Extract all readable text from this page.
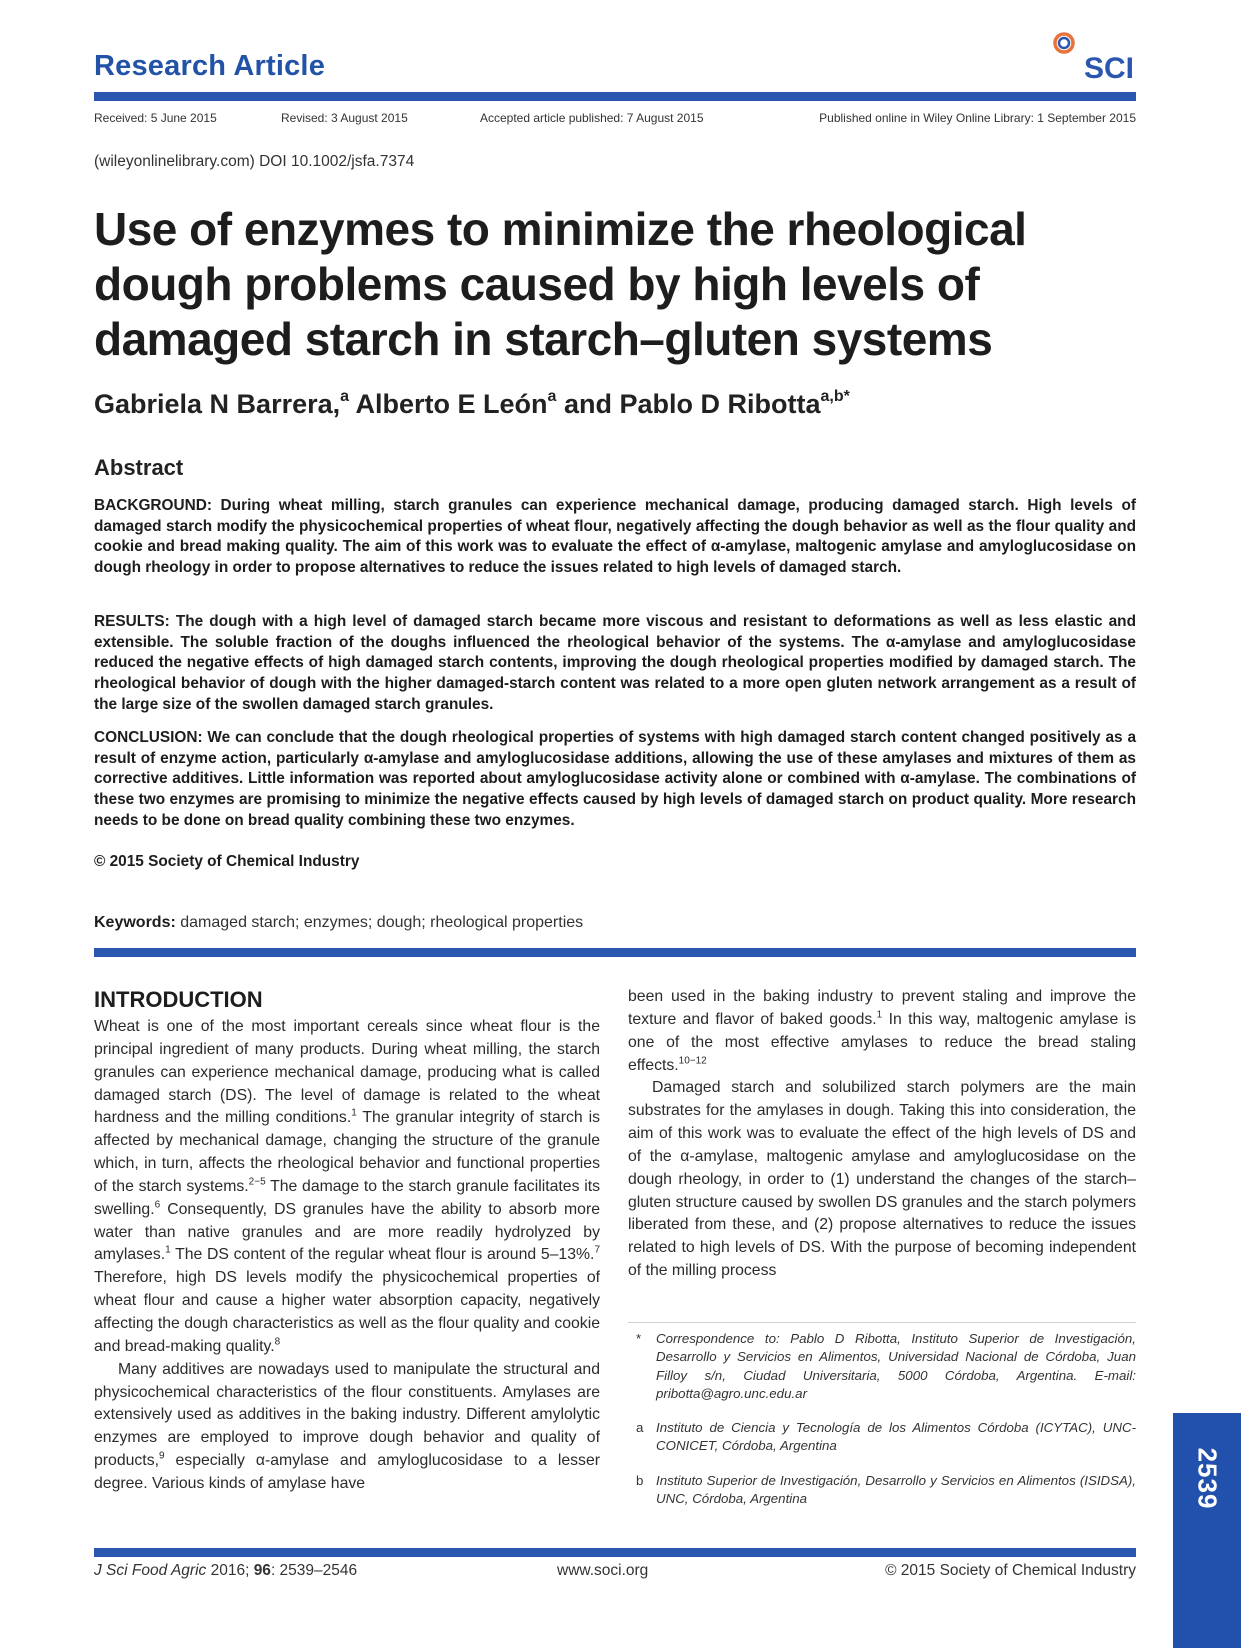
Research Article	SCI
Received: 5 June 2015	Revised: 3 August 2015	Accepted article published: 7 August 2015	Published online in Wiley Online Library: 1 September 2015
(wileyonlinelibrary.com) DOI 10.1002/jsfa.7374
Use of enzymes to minimize the rheological dough problems caused by high levels of damaged starch in starch–gluten systems
Gabriela N Barrera,$^a$ Alberto E León$^a$ and Pablo D Ribotta$^{a,b*}$
Abstract
BACKGROUND: During wheat milling, starch granules can experience mechanical damage, producing damaged starch. High levels of damaged starch modify the physicochemical properties of wheat flour, negatively affecting the dough behavior as well as the flour quality and cookie and bread making quality. The aim of this work was to evaluate the effect of α-amylase, maltogenic amylase and amyloglucosidase on dough rheology in order to propose alternatives to reduce the issues related to high levels of damaged starch.
RESULTS: The dough with a high level of damaged starch became more viscous and resistant to deformations as well as less elastic and extensible. The soluble fraction of the doughs influenced the rheological behavior of the systems. The α-amylase and amyloglucosidase reduced the negative effects of high damaged starch contents, improving the dough rheological properties modified by damaged starch. The rheological behavior of dough with the higher damaged-starch content was related to a more open gluten network arrangement as a result of the large size of the swollen damaged starch granules.
CONCLUSION: We can conclude that the dough rheological properties of systems with high damaged starch content changed positively as a result of enzyme action, particularly α-amylase and amyloglucosidase additions, allowing the use of these amylases and mixtures of them as corrective additives. Little information was reported about amyloglucosidase activity alone or combined with α-amylase. The combinations of these two enzymes are promising to minimize the negative effects caused by high levels of damaged starch on product quality. More research needs to be done on bread quality combining these two enzymes.
© 2015 Society of Chemical Industry
Keywords: damaged starch; enzymes; dough; rheological properties
INTRODUCTION

Wheat is one of the most important cereals since wheat flour is the principal ingredient of many products. During wheat milling, the starch granules can experience mechanical damage, producing what is called damaged starch (DS). The level of damage is related to the wheat hardness and the milling conditions.$^1$ The granular integrity of starch is affected by mechanical damage, changing the structure of the granule which, in turn, affects the rheological behavior and functional properties of the starch systems.$^{2-5}$ The damage to the starch granule facilitates its swelling.$^6$ Consequently, DS granules have the ability to absorb more water than native granules and are more readily hydrolyzed by amylases.$^1$ The DS content of the regular wheat flour is around 5–13%.$^7$ Therefore, high DS levels modify the physicochemical properties of wheat flour and cause a higher water absorption capacity, negatively affecting the dough characteristics as well as the flour quality and cookie and bread-making quality.$^8$

Many additives are nowadays used to manipulate the structural and physicochemical characteristics of the flour constituents. Amylases are extensively used as additives in the baking industry. Different amylolytic enzymes are employed to improve dough behavior and quality of products,$^9$ especially α-amylase and amyloglucosidase to a lesser degree. Various kinds of amylase have

been used in the baking industry to prevent staling and improve the texture and flavor of baked goods.$^1$ In this way, maltogenic amylase is one of the most effective amylases to reduce the bread staling effects.$^{10-12}$

Damaged starch and solubilized starch polymers are the main substrates for the amylases in dough. Taking this into consideration, the aim of this work was to evaluate the effect of the high levels of DS and of the α-amylase, maltogenic amylase and amyloglucosidase on the dough rheology, in order to (1) understand the changes of the starch–gluten structure caused by swollen DS granules and the starch polymers liberated from these, and (2) propose alternatives to reduce the issues related to high levels of DS. With the purpose of becoming independent of the milling process

* Correspondence to: Pablo D Ribotta, Instituto Superior de Investigación, Desarrollo y Servicios en Alimentos, Universidad Nacional de Córdoba, Juan Filloy s/n, Ciudad Universitaria, 5000 Córdoba, Argentina. E-mail: pribotta@agro.unc.edu.ar
a Instituto de Ciencia y Tecnología de los Alimentos Córdoba (ICYTAC), UNC-CONICET, Córdoba, Argentina
b Instituto Superior de Investigación, Desarrollo y Servicios en Alimentos (ISIDSA), UNC, Córdoba, Argentina
J Sci Food Agric 2016; 96: 2539–2546	www.soci.org	© 2015 Society of Chemical Industry
2539
